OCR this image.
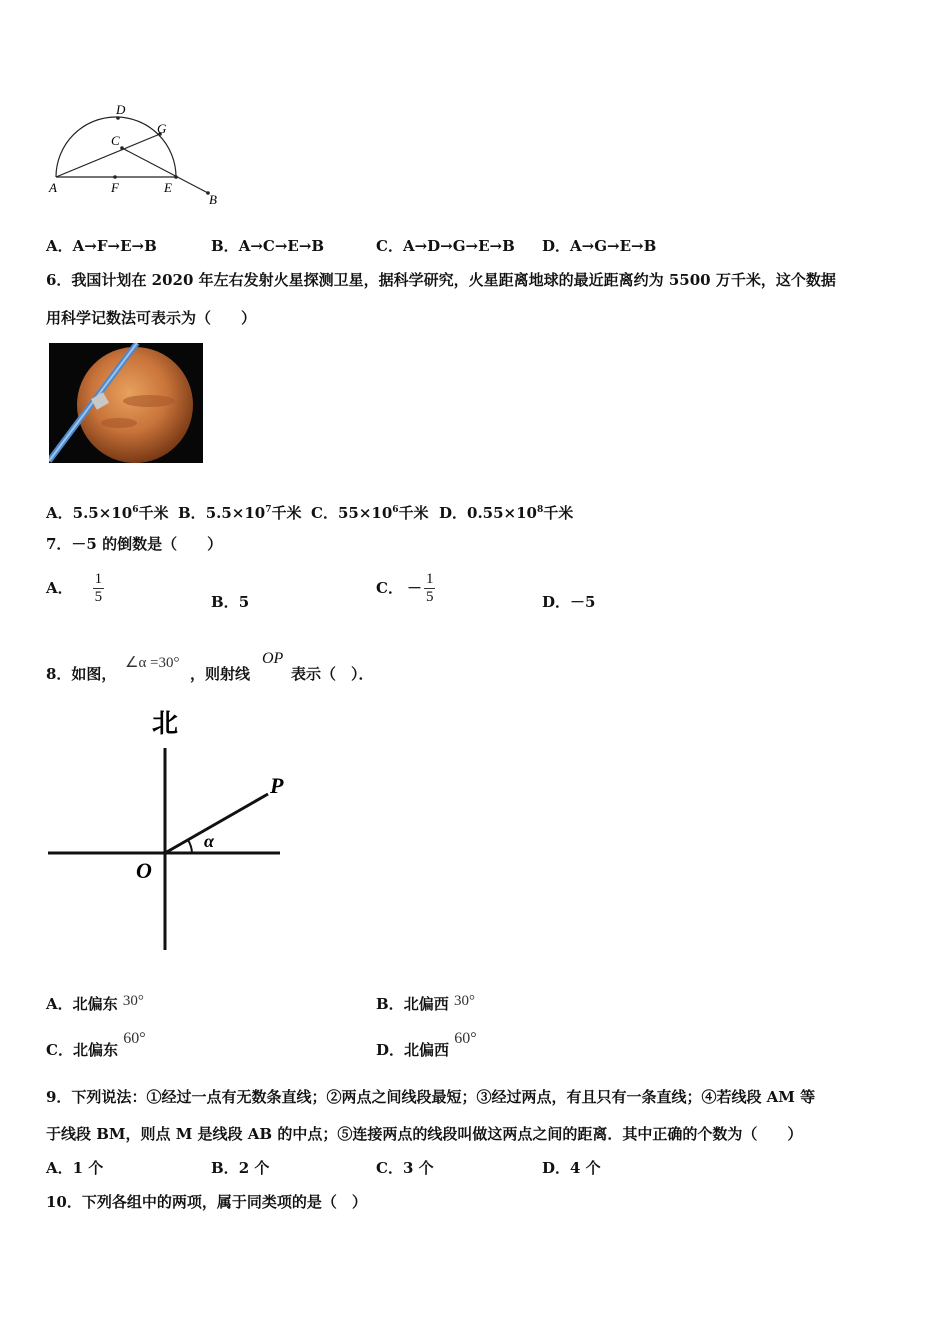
D
G
C
A	F	E
B
A．A→F→E→B	B．A→C→E→B	C．A→D→G→E→B D．A→G→E→B
6．我国计划在 2020 年左右发射火星探测卫星，据科学研究，火星距离地球的最近距离约为 5500 万千米，这个数据
用科学记数法可表示为（　　）
A．$5.5\times 10^6$千米 B．$5.5\times 10^7$千米 C．$55\times 10^6$千米 D．$0.55\times 10^8$千米
7．－5 的倒数是（　　）
A． $\frac{1}{5}$	B．5
C． － $\frac{1}{5}$	D．－5
8．如图，
∠α =30°
，则射线
OP
表示（　）．
北
P
O
α
A．北偏东 30°	B．北偏西 30°
C．北偏东 60°
D．北偏西 60°
9．下列说法：①经过一点有无数条直线；②两点之间线段最短；③经过两点，有且只有一条直线；④若线段 AM 等
于线段 BM，则点 M 是线段 AB 的中点；⑤连接两点的线段叫做这两点之间的距离．其中正确的个数为（　　）
A．1 个	B．2 个	C．3 个	D．4 个
10．下列各组中的两项，属于同类项的是（　）
